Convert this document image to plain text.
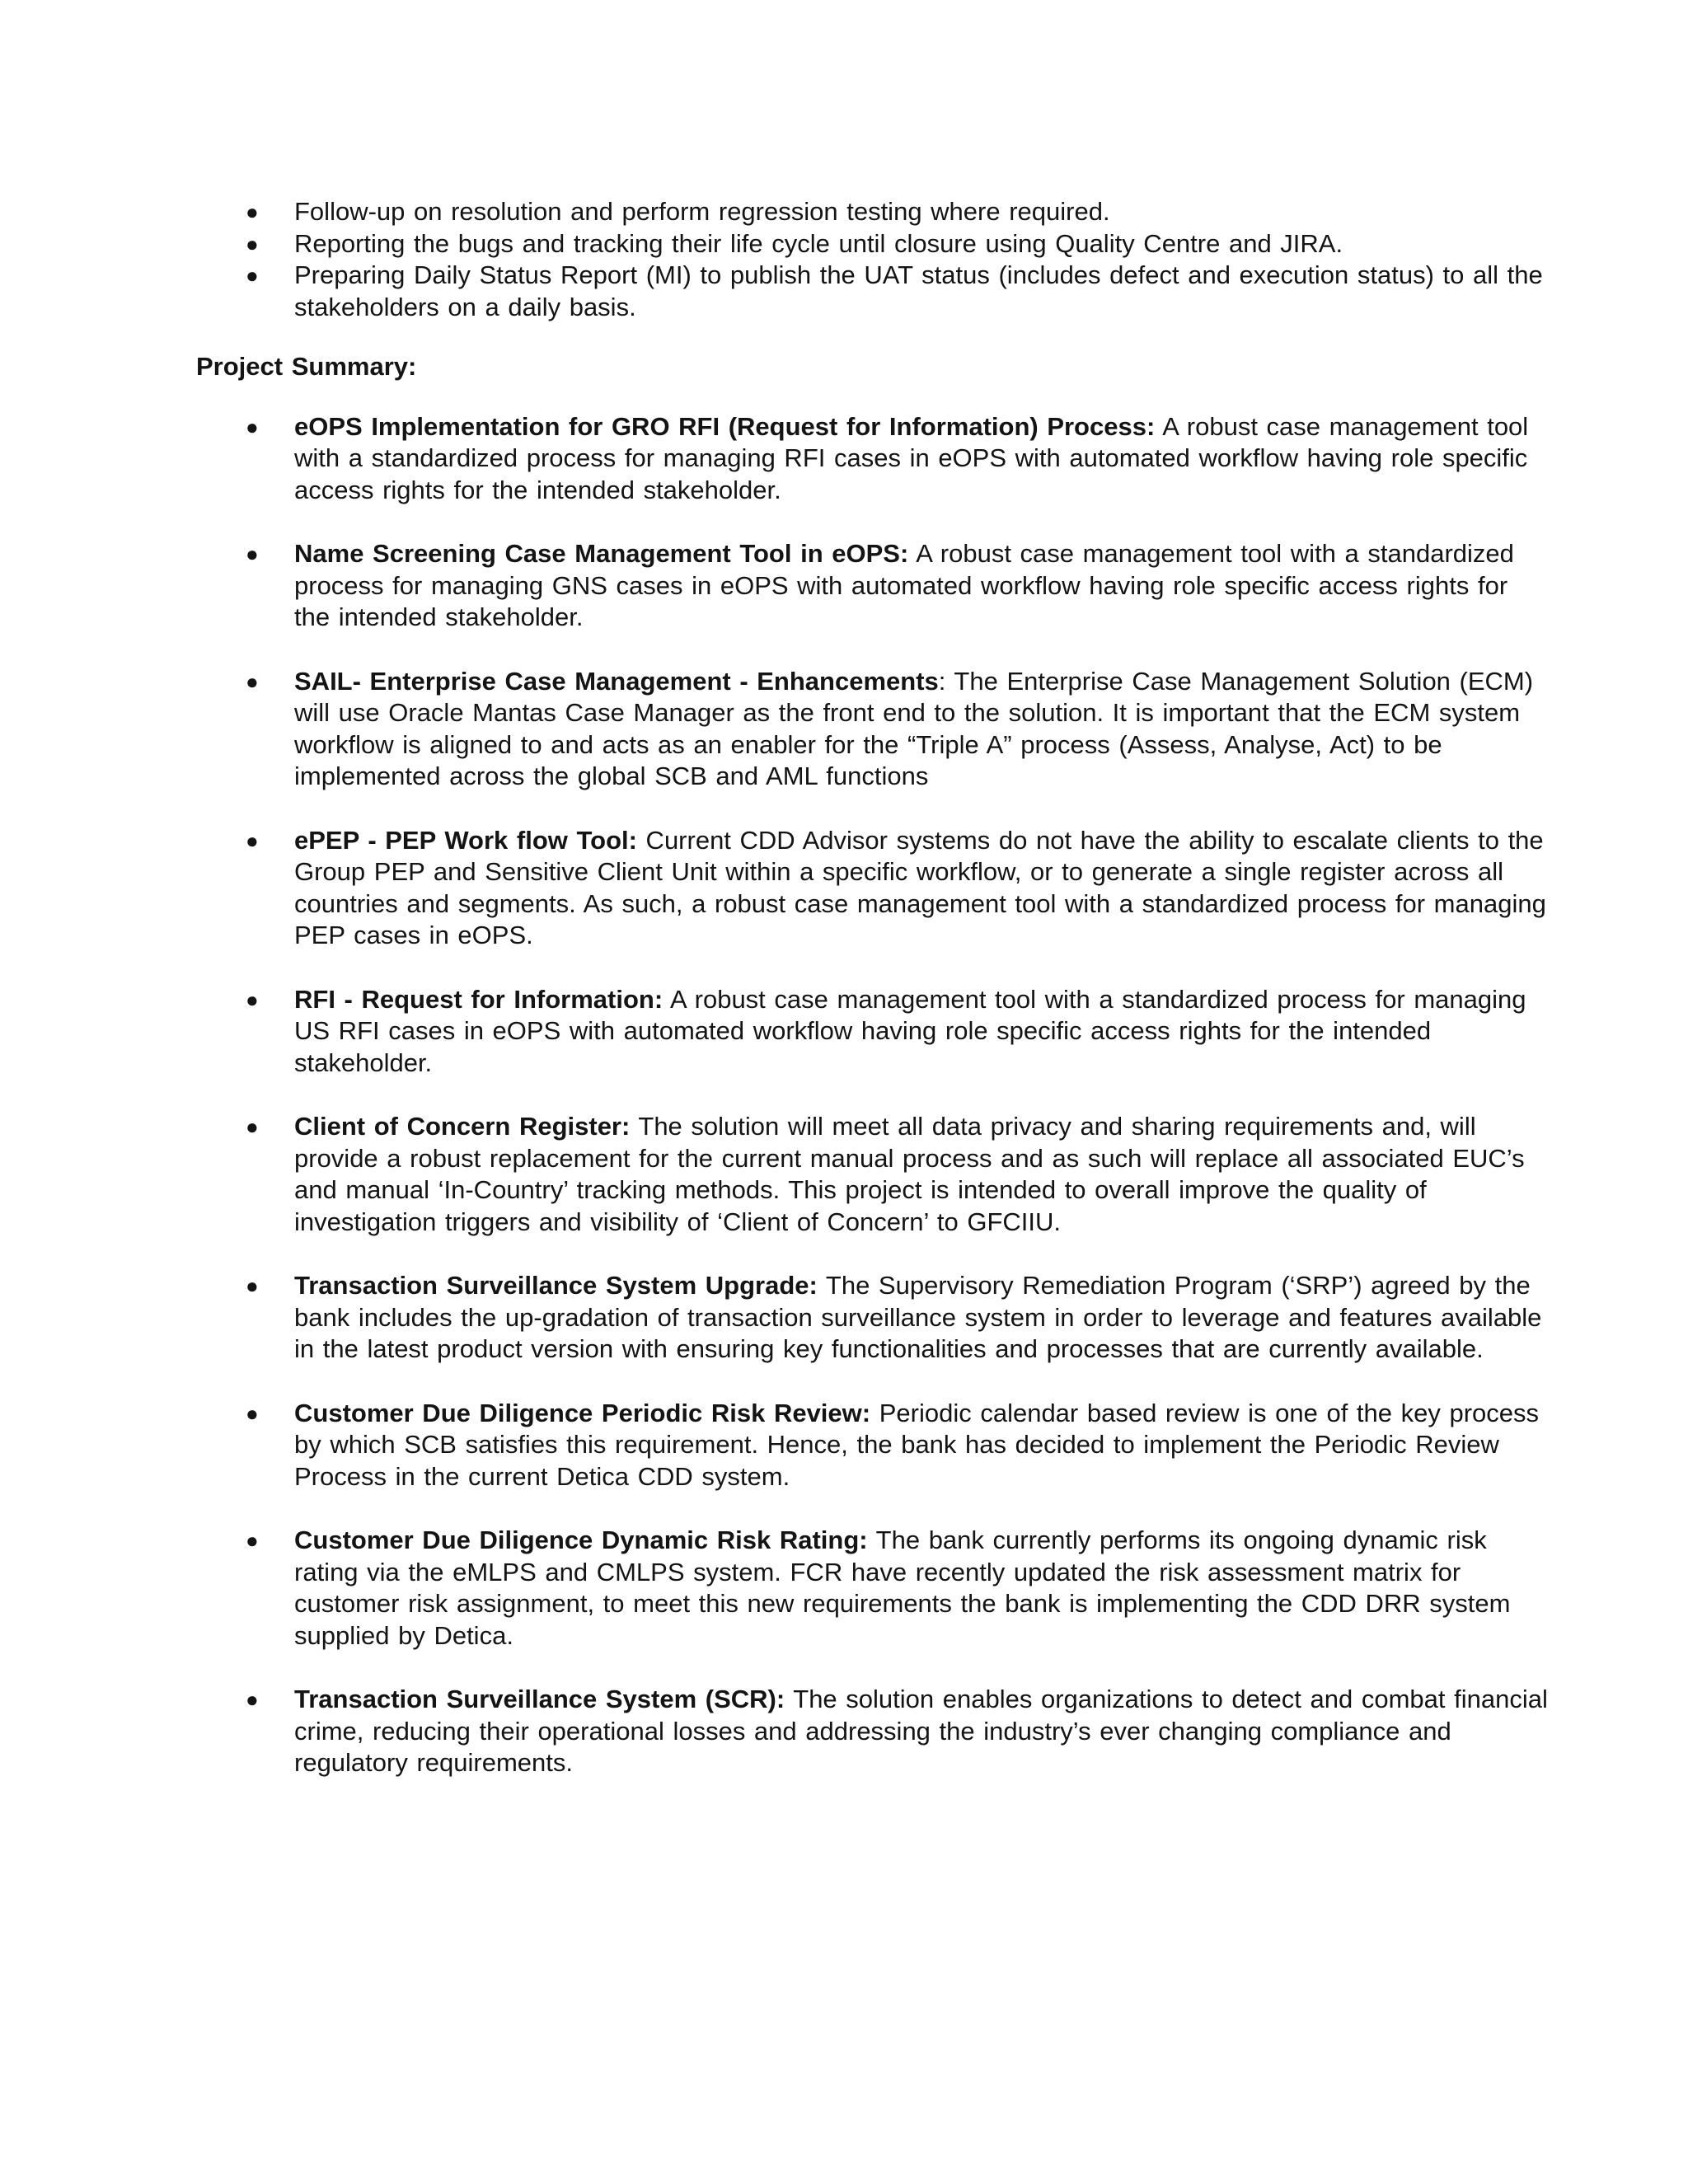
● Follow-up on resolution and perform regression testing where required.
● Reporting the bugs and tracking their life cycle until closure using Quality Centre and JIRA.
● Preparing Daily Status Report (MI) to publish the UAT status (includes defect and execution status) to all the stakeholders on a daily basis.
Project Summary:
● eOPS Implementation for GRO RFI (Request for Information) Process: A robust case management tool with a standardized process for managing RFI cases in eOPS with automated workflow having role specific access rights for the intended stakeholder.
● Name Screening Case Management Tool in eOPS: A robust case management tool with a standardized process for managing GNS cases in eOPS with automated workflow having role specific access rights for the intended stakeholder.
● SAIL- Enterprise Case Management - Enhancements: The Enterprise Case Management Solution (ECM) will use Oracle Mantas Case Manager as the front end to the solution. It is important that the ECM system workflow is aligned to and acts as an enabler for the “Triple A” process (Assess, Analyse, Act) to be implemented across the global SCB and AML functions
● ePEP - PEP Work flow Tool: Current CDD Advisor systems do not have the ability to escalate clients to the Group PEP and Sensitive Client Unit within a specific workflow, or to generate a single register across all countries and segments. As such, a robust case management tool with a standardized process for managing PEP cases in eOPS.
● RFI - Request for Information: A robust case management tool with a standardized process for managing US RFI cases in eOPS with automated workflow having role specific access rights for the intended stakeholder.
● Client of Concern Register: The solution will meet all data privacy and sharing requirements and, will provide a robust replacement for the current manual process and as such will replace all associated EUC’s and manual ‘In-Country’ tracking methods. This project is intended to overall improve the quality of investigation triggers and visibility of ‘Client of Concern’ to GFCIIU.
● Transaction Surveillance System Upgrade: The Supervisory Remediation Program (‘SRP’) agreed by the bank includes the up-gradation of transaction surveillance system in order to leverage and features available in the latest product version with ensuring key functionalities and processes that are currently available.
● Customer Due Diligence Periodic Risk Review: Periodic calendar based review is one of the key process by which SCB satisfies this requirement. Hence, the bank has decided to implement the Periodic Review Process in the current Detica CDD system.
● Customer Due Diligence Dynamic Risk Rating: The bank currently performs its ongoing dynamic risk rating via the eMLPS and CMLPS system. FCR have recently updated the risk assessment matrix for customer risk assignment, to meet this new requirements the bank is implementing the CDD DRR system supplied by Detica.
● Transaction Surveillance System (SCR): The solution enables organizations to detect and combat financial crime, reducing their operational losses and addressing the industry’s ever changing compliance and regulatory requirements.
